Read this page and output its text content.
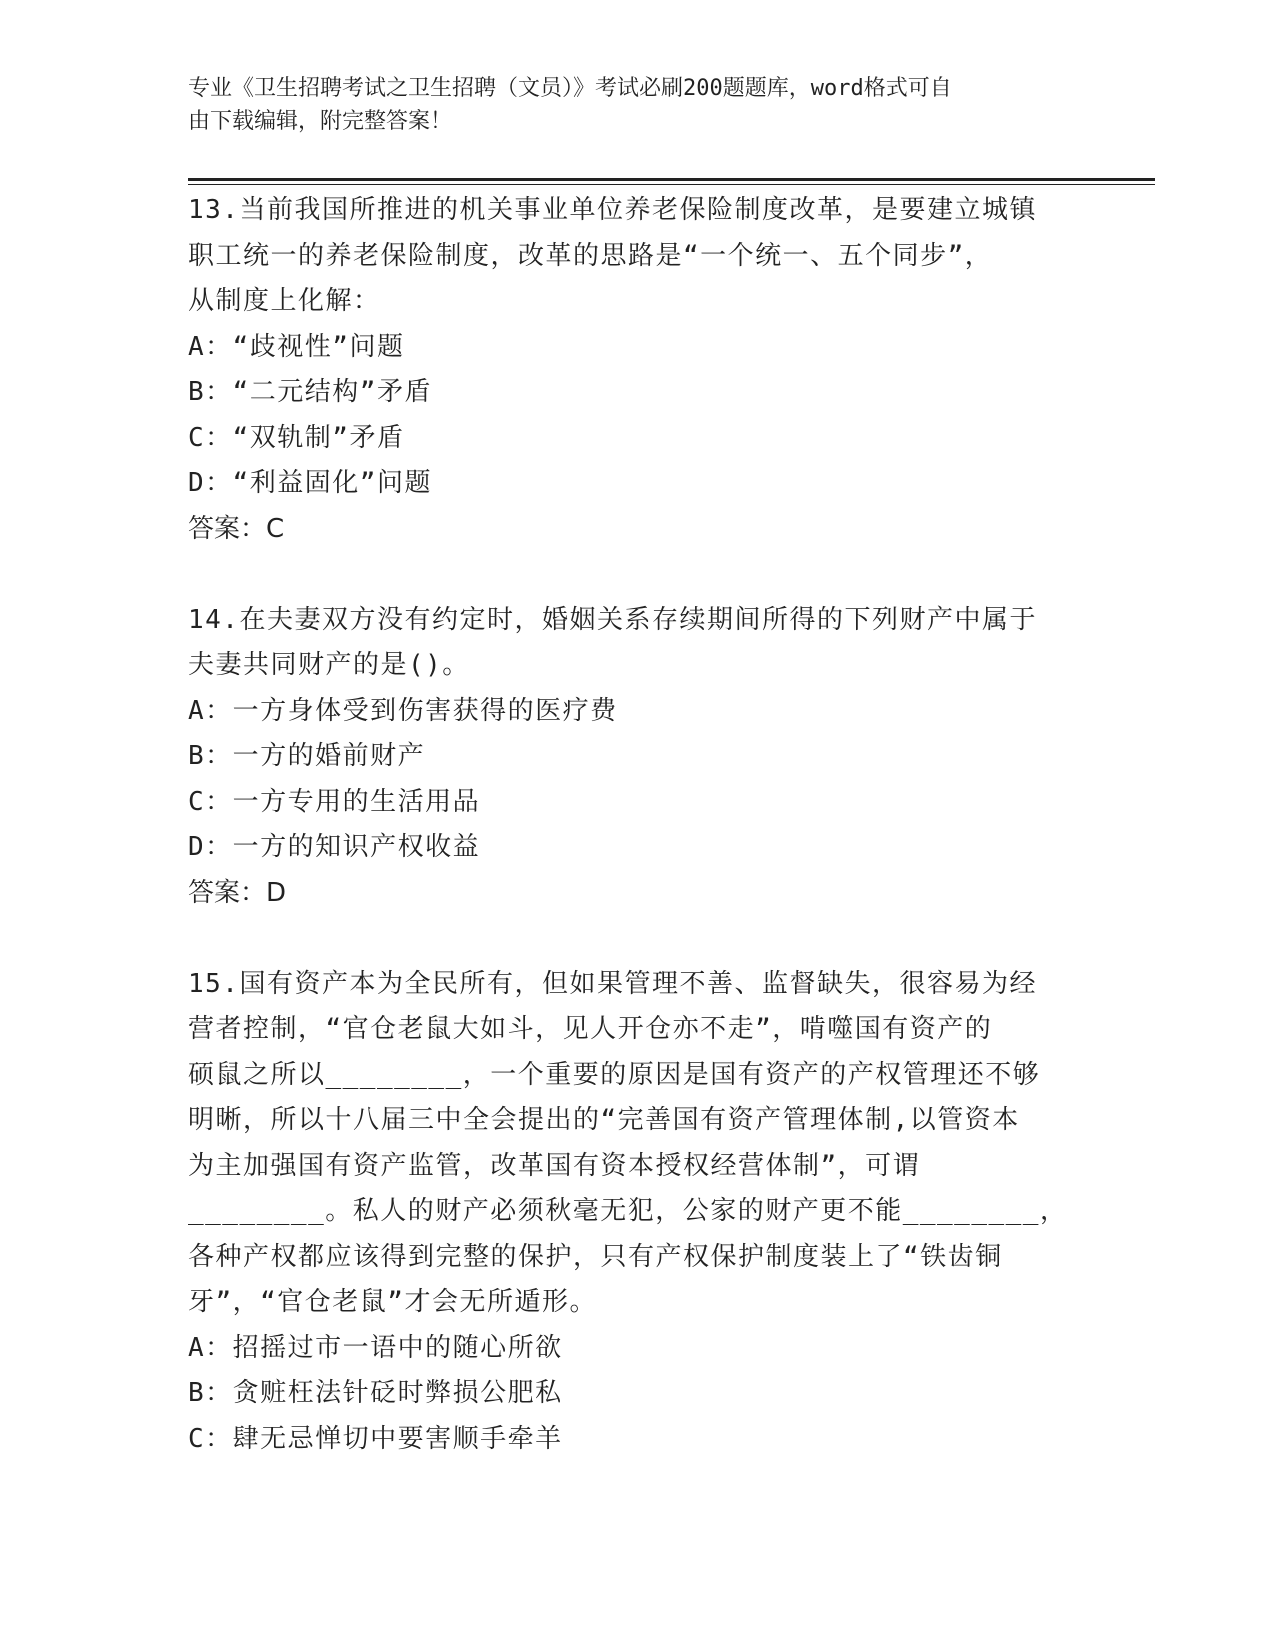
专业《卫生招聘考试之卫生招聘（文员）》考试必刷200题题库，word格式可自
由下载编辑，附完整答案！
13.当前我国所推进的机关事业单位养老保险制度改革，是要建立城镇
职工统一的养老保险制度，改革的思路是“一个统一、五个同步”，
从制度上化解：
A：“歧视性”问题
B：“二元结构”矛盾
C：“双轨制”矛盾
D：“利益固化”问题
答案：C
14.在夫妻双方没有约定时，婚姻关系存续期间所得的下列财产中属于
夫妻共同财产的是()。
A：一方身体受到伤害获得的医疗费
B：一方的婚前财产
C：一方专用的生活用品
D：一方的知识产权收益
答案：D
15.国有资产本为全民所有，但如果管理不善、监督缺失，很容易为经
营者控制，“官仓老鼠大如斗，见人开仓亦不走”，啃噬国有资产的
硕鼠之所以________，一个重要的原因是国有资产的产权管理还不够
明晰，所以十八届三中全会提出的“完善国有资产管理体制,以管资本
为主加强国有资产监管，改革国有资本授权经营体制”，可谓
________。私人的财产必须秋毫无犯，公家的财产更不能________，
各种产权都应该得到完整的保护，只有产权保护制度装上了“铁齿铜
牙”，“官仓老鼠”才会无所遁形。
A：招摇过市一语中的随心所欲
B：贪赃枉法针砭时弊损公肥私
C：肆无忌惮切中要害顺手牵羊
